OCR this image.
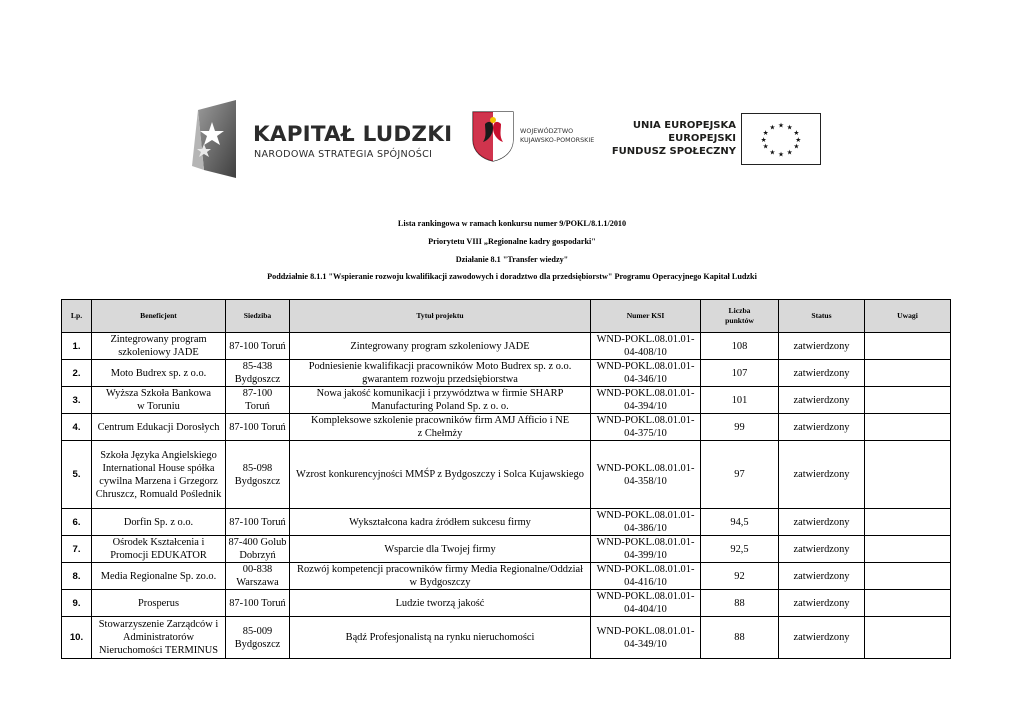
KAPITAŁ LUDZKI
NARODOWA STRATEGIA SPÓJNOŚCI
WOJEWÓDZTWO
KUJAWSKO-POMORSKIE
UNIA EUROPEJSKA
EUROPEJSKI
FUNDUSZ SPOŁECZNY
★ ★
★
★
★
★
★
★
★
★
★
★
Lista rankingowa w ramach konkursu numer 9/POKL/8.1.1/2010
Priorytetu VIII „Regionalne kadry gospodarki"
Działanie 8.1 "Transfer wiedzy"
Poddziałnie 8.1.1 "Wspieranie rozwoju kwalifikacji zawodowych i doradztwo dla przedsiębiorstw" Programu Operacyjnego Kapitał Ludzki
Lp.	Beneficjent	Siedziba	Tytuł projektu	Numer KSI	Liczba punktów	Status	Uwagi
1.	Zintegrowany program szkoleniowy JADE	87-100 Toruń	Zintegrowany program szkoleniowy JADE	WND-POKL.08.01.01-04-408/10	108	zatwierdzony	
2.	Moto Budrex sp. z o.o.	85-438 Bydgoszcz	Podniesienie kwalifikacji pracowników Moto Budrex sp. z o.o. gwarantem rozwoju przedsiębiorstwa	WND-POKL.08.01.01-04-346/10	107	zatwierdzony	
3.	Wyższa Szkoła Bankowa w Toruniu	87-100 Toruń	Nowa jakość komunikacji i przywództwa w firmie SHARP Manufacturing Poland Sp. z o. o.	WND-POKL.08.01.01-04-394/10	101	zatwierdzony	
4.	Centrum Edukacji Dorosłych	87-100 Toruń	Kompleksowe szkolenie pracowników firm AMJ Afficio i NE z Chełmży	WND-POKL.08.01.01-04-375/10	99	zatwierdzony	
5.	Szkoła Języka Angielskiego International House spółka cywilna Marzena i Grzegorz Chruszcz, Romuald Poślednik	85-098 Bydgoszcz	Wzrost konkurencyjności MMŚP z Bydgoszczy i Solca Kujawskiego	WND-POKL.08.01.01-04-358/10	97	zatwierdzony	
6.	Dorfin Sp. z o.o.	87-100 Toruń	Wykształcona kadra źródłem sukcesu firmy	WND-POKL.08.01.01-04-386/10	94,5	zatwierdzony	
7.	Ośrodek Kształcenia i Promocji EDUKATOR	87-400 Golub Dobrzyń	Wsparcie dla Twojej firmy	WND-POKL.08.01.01-04-399/10	92,5	zatwierdzony	
8.	Media Regionalne Sp. zo.o.	00-838 Warszawa	Rozwój kompetencji pracowników firmy Media Regionalne/Oddział w Bydgoszczy	WND-POKL.08.01.01-04-416/10	92	zatwierdzony	
9.	Prosperus	87-100 Toruń	Ludzie tworzą jakość	WND-POKL.08.01.01-04-404/10	88	zatwierdzony	
10.	Stowarzyszenie Zarządców i Administratorów Nieruchomości TERMINUS	85-009 Bydgoszcz	Bądź Profesjonalistą na rynku nieruchomości	WND-POKL.08.01.01-04-349/10	88	zatwierdzony	
